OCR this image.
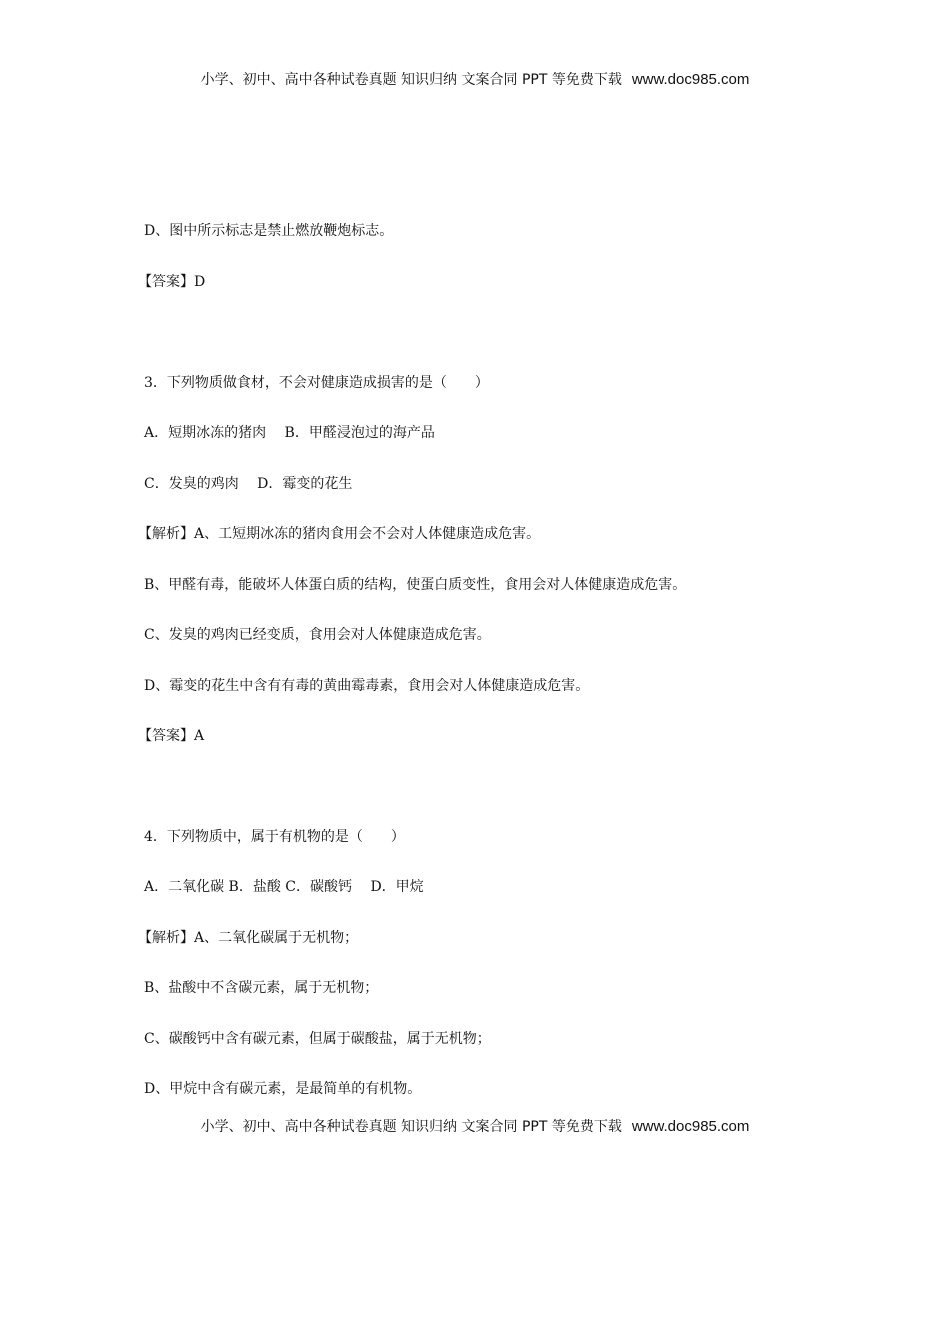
小学、初中、高中各种试卷真题 知识归纳 文案合同 PPT 等免费下载 www.doc985.com
D、图中所示标志是禁止燃放鞭炮标志。
【答案】D
3．下列物质做食材，不会对健康造成损害的是（　　）
A．短期冰冻的猪肉　 B．甲醛浸泡过的海产品
C．发臭的鸡肉　 D．霉变的花生
【解析】A、工短期冰冻的猪肉食用会不会对人体健康造成危害。
B、甲醛有毒，能破坏人体蛋白质的结构，使蛋白质变性，食用会对人体健康造成危害。
C、发臭的鸡肉已经变质，食用会对人体健康造成危害。
D、霉变的花生中含有有毒的黄曲霉毒素，食用会对人体健康造成危害。
【答案】A
4．下列物质中，属于有机物的是（　　）
A．二氧化碳 B．盐酸 C．碳酸钙　 D．甲烷
【解析】A、二氧化碳属于无机物；
B、盐酸中不含碳元素，属于无机物；
C、碳酸钙中含有碳元素，但属于碳酸盐，属于无机物；
D、甲烷中含有碳元素，是最简单的有机物。
小学、初中、高中各种试卷真题 知识归纳 文案合同 PPT 等免费下载 www.doc985.com
